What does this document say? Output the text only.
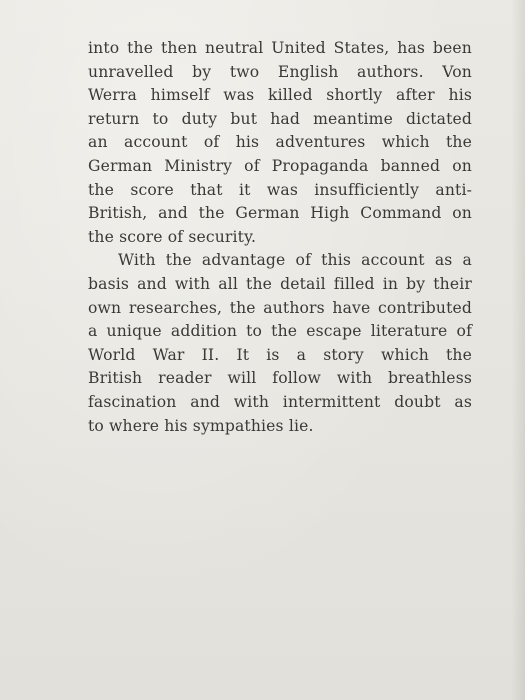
into the then neutral United States, has been
unravelled by two English authors. Von
Werra himself was killed shortly after his
return to duty but had meantime dictated
an account of his adventures which the
German Ministry of Propaganda banned on
the score that it was insufficiently anti-
British, and the German High Command on
the score of security.
With the advantage of this account as a
basis and with all the detail filled in by their
own researches, the authors have contributed
a unique addition to the escape literature of
World War II. It is a story which the
British reader will follow with breathless
fascination and with intermittent doubt as
to where his sympathies lie.
